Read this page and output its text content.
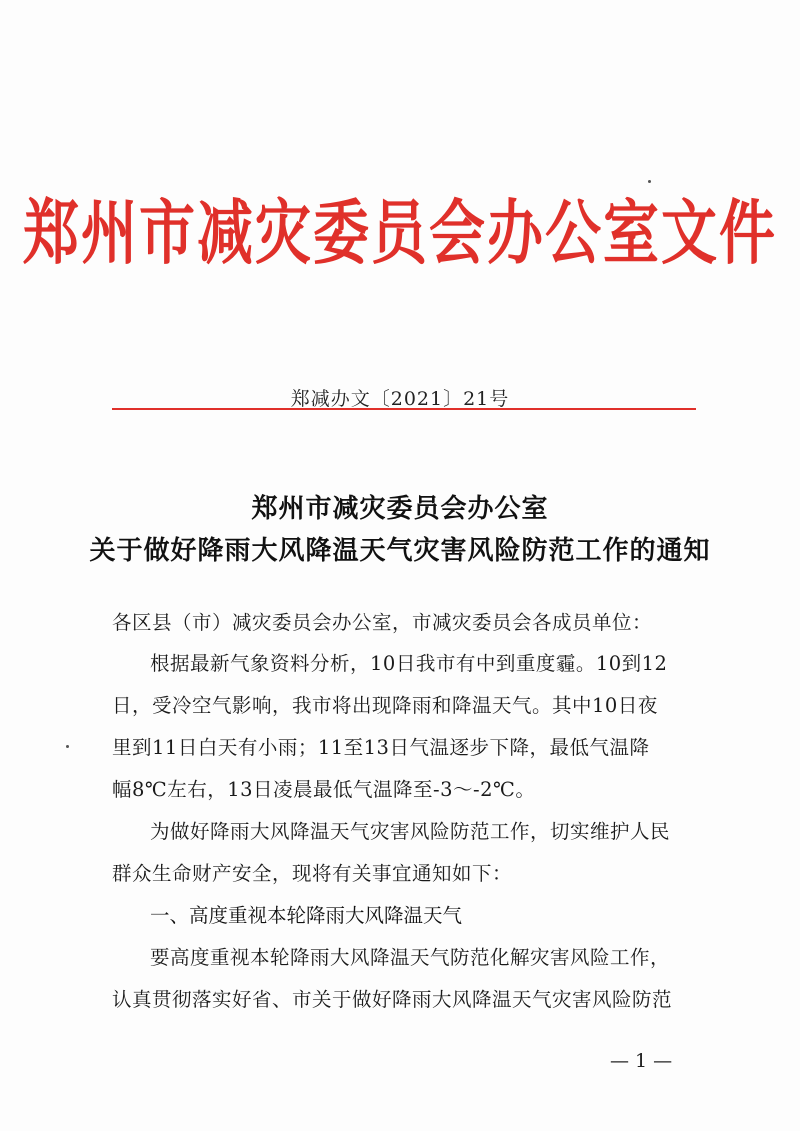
郑州市减灾委员会办公室文件
郑减办文〔2021〕21号
郑州市减灾委员会办公室
关于做好降雨大风降温天气灾害风险防范工作的通知
各区县（市）减灾委员会办公室，市减灾委员会各成员单位：
根据最新气象资料分析，10日我市有中到重度霾。10到12
日，受冷空气影响，我市将出现降雨和降温天气。其中10日夜
里到11日白天有小雨；11至13日气温逐步下降，最低气温降
幅8℃左右，13日凌晨最低气温降至-3～-2℃。
为做好降雨大风降温天气灾害风险防范工作，切实维护人民
群众生命财产安全，现将有关事宜通知如下：
一、高度重视本轮降雨大风降温天气
要高度重视本轮降雨大风降温天气防范化解灾害风险工作，
认真贯彻落实好省、市关于做好降雨大风降温天气灾害风险防范
— 1 —
